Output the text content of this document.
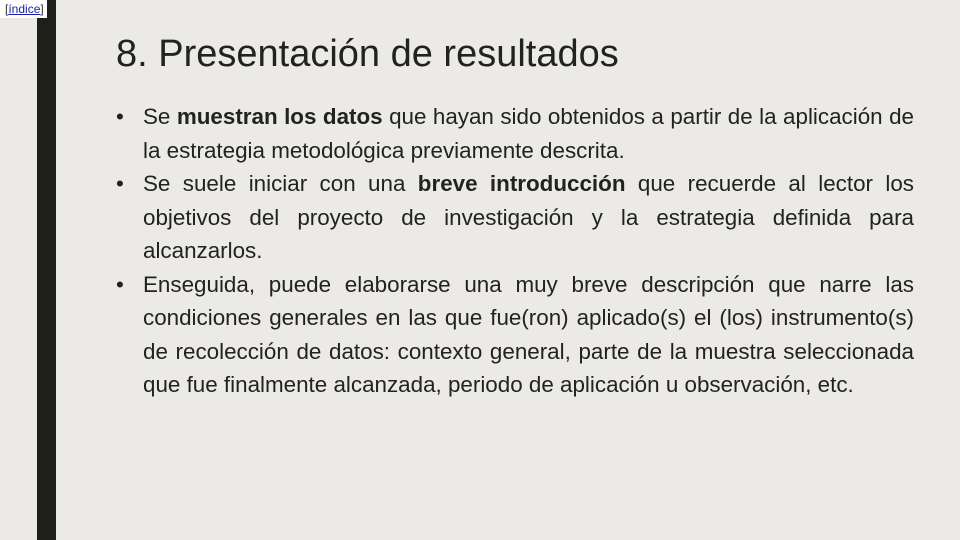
[índice]
8. Presentación de resultados
• Se muestran los datos que hayan sido obtenidos a partir de la aplicación de la estrategia metodológica previamente descrita.
• Se suele iniciar con una breve introducción que recuerde al lector los objetivos del proyecto de investigación y la estrategia definida para alcanzarlos.
• Enseguida, puede elaborarse una muy breve descripción que narre las condiciones generales en las que fue(ron) aplicado(s) el (los) instrumento(s) de recolección de datos: contexto general, parte de la muestra seleccionada que fue finalmente alcanzada, periodo de aplicación u observación, etc.
